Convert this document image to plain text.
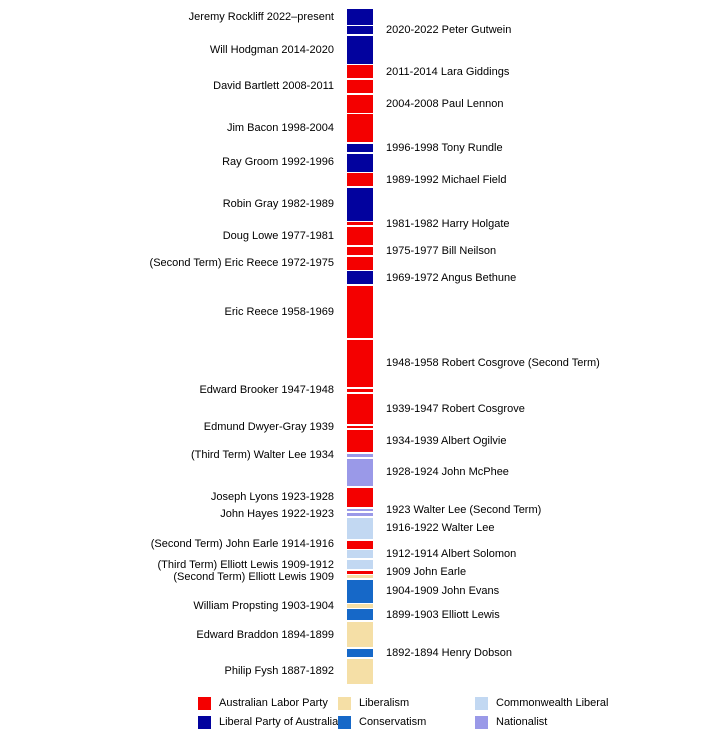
Jeremy Rockliff 2022–present
2020-2022 Peter Gutwein
Will Hodgman 2014-2020
2011-2014 Lara Giddings
David Bartlett 2008-2011
2004-2008 Paul Lennon
Jim Bacon 1998-2004
1996-1998 Tony Rundle
Ray Groom 1992-1996
1989-1992 Michael Field
Robin Gray 1982-1989
1981-1982 Harry Holgate
Doug Lowe 1977-1981
1975-1977 Bill Neilson
(Second Term) Eric Reece 1972-1975
1969-1972 Angus Bethune
Eric Reece 1958-1969
1948-1958 Robert Cosgrove (Second Term)
Edward Brooker 1947-1948
1939-1947 Robert Cosgrove
Edmund Dwyer-Gray 1939
1934-1939 Albert Ogilvie
(Third Term) Walter Lee 1934
1928-1924 John McPhee
Joseph Lyons 1923-1928
1923 Walter Lee (Second Term)
John Hayes 1922-1923
1916-1922 Walter Lee
(Second Term) John Earle 1914-1916
1912-1914 Albert Solomon
(Third Term) Elliott Lewis 1909-1912
1909 John Earle
(Second Term) Elliott Lewis 1909
1904-1909 John Evans
William Propsting 1903-1904
1899-1903 Elliott Lewis
Edward Braddon 1894-1899
1892-1894 Henry Dobson
Philip Fysh 1887-1892
Australian Labor Party
Liberal Party of Australia
Liberalism
Conservatism
Commonwealth Liberal
Nationalist
